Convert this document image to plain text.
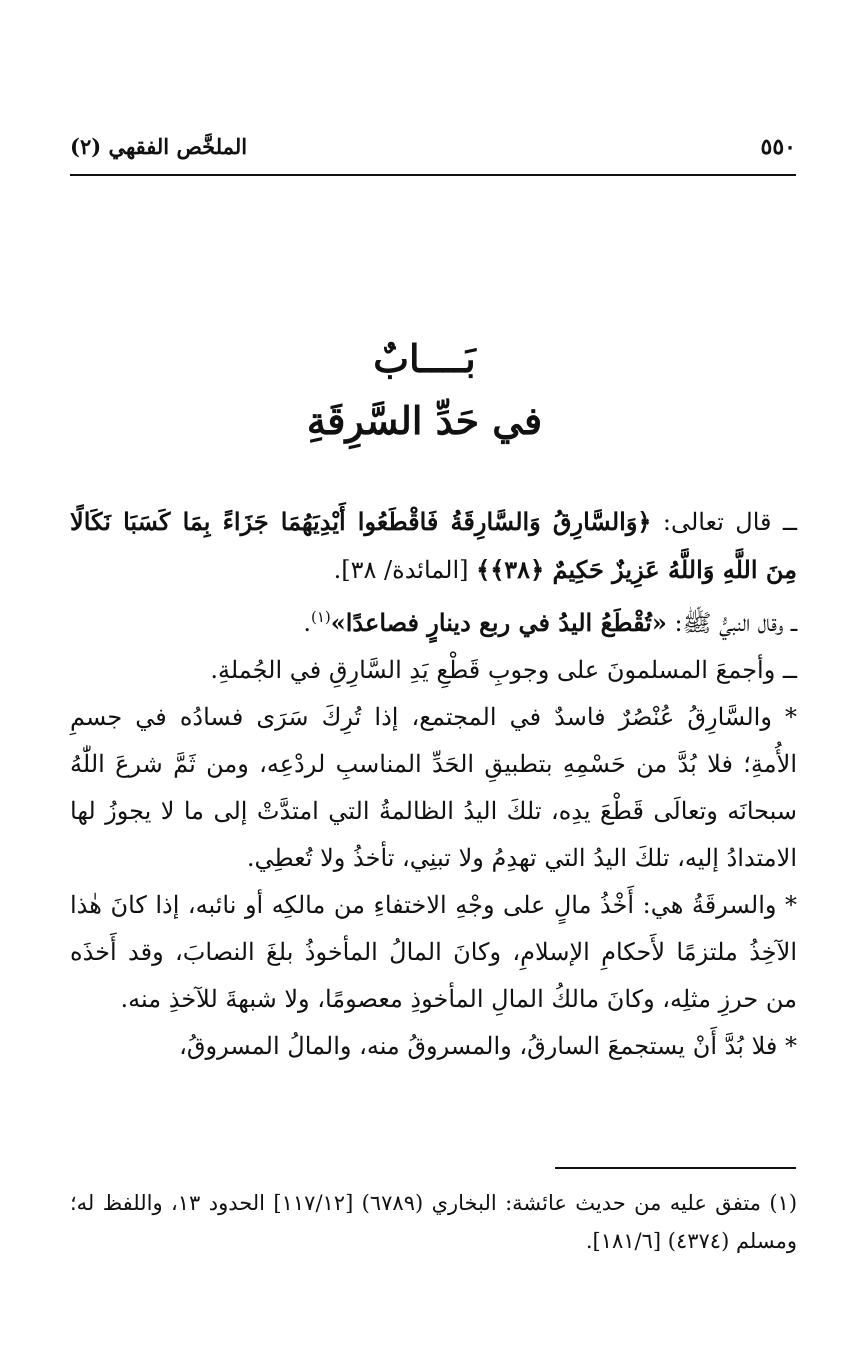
٥٥٠
الملخَّص الفقهي (٢)
بَــــابٌ
في حَدِّ السَّرِقَةِ

ــ قال تعالى: ﴿وَالسَّارِقُ وَالسَّارِقَةُ فَاقْطَعُوا أَيْدِيَهُمَا جَزَاءً بِمَا كَسَبَا نَكَالًا مِنَ اللَّهِ وَاللَّهُ عَزِيزٌ حَكِيمٌ ﴿٣٨﴾﴾ [المائدة/ ٣٨].

ــ وقال النبيُّ ﷺ: «تُقْطَعُ اليدُ في ربع دينارٍ فصاعدًا»$^{(١)}$.

ــ وأجمعَ المسلمونَ على وجوبِ قَطْعِ يَدِ السَّارِقِ في الجُملةِ.

* والسَّارِقُ عُنْصُرٌ فاسدٌ في المجتمع، إذا تُرِكَ سَرَى فسادُه في جسمِ الأُمةِ؛ فلا بُدَّ من حَسْمِهِ بتطبيقِ الحَدِّ المناسبِ لردْعِه، ومن ثَمَّ شرعَ اللّٰهُ سبحانَه وتعالَى قَطْعَ يدِه، تلكَ اليدُ الظالمةُ التي امتدَّتْ إلى ما لا يجوزُ لها الامتدادُ إليه، تلكَ اليدُ التي تهدِمُ ولا تبنِي، تأخذُ ولا تُعطِي.

* والسرقَةُ هي: أَخْذُ مالٍ على وجْهِ الاختفاءِ من مالكِه أو نائبه، إذا كانَ هٰذا الآخِذُ ملتزمًا لأَحكامِ الإسلامِ، وكانَ المالُ المأخوذُ بلغَ النصابَ، وقد أَخذَه من حرزِ مثلِه، وكانَ مالكُ المالِ المأخوذِ معصومًا، ولا شبهةَ للآخذِ منه.

* فلا بُدَّ أَنْ يستجمعَ السارقُ، والمسروقُ منه، والمالُ المسروقُ،

(١) متفق عليه من حديث عائشة: البخاري (٦٧٨٩) [١١٧/١٢] الحدود ١٣، واللفظ له؛ ومسلم (٤٣٧٤) [١٨١/٦].
